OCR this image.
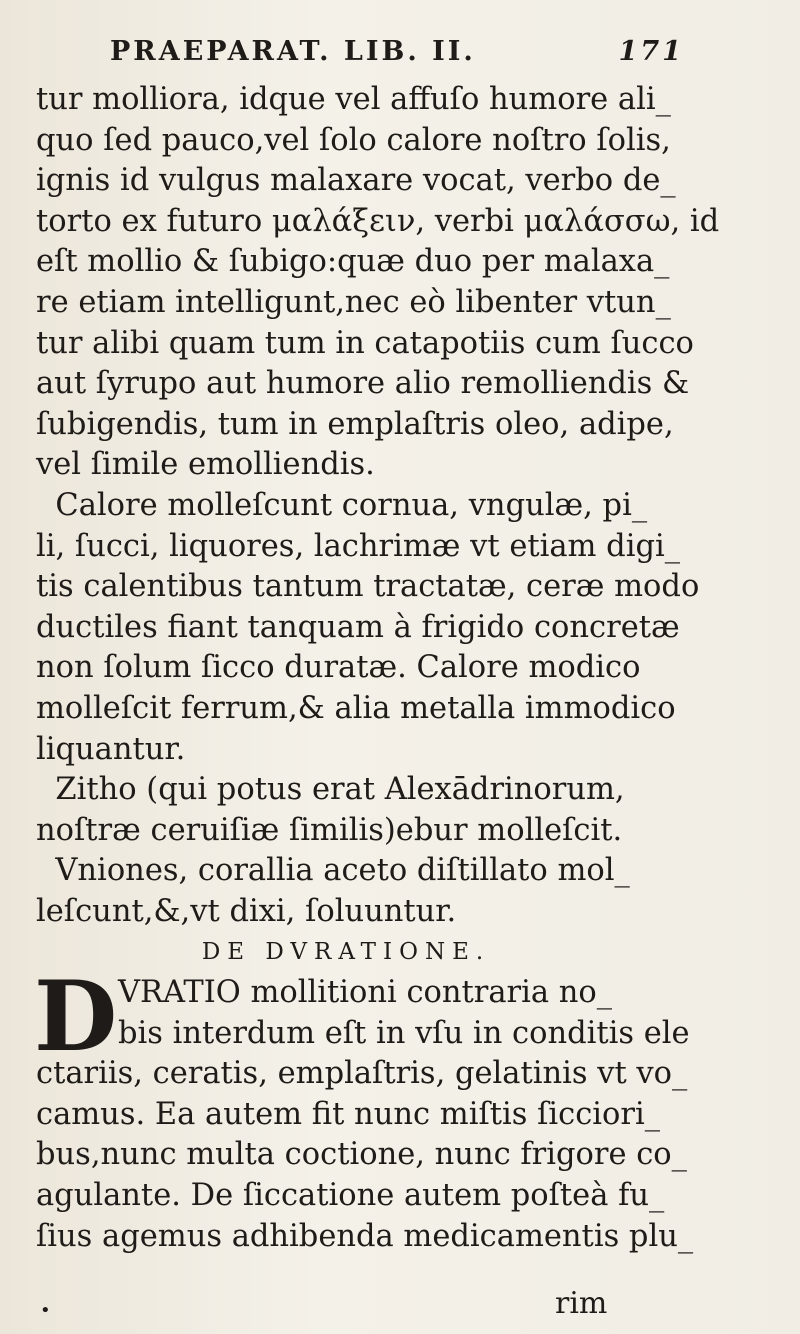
PRAEPARAT. LIB. II.	171
tur molliora, idque vel affuſo humore ali_
quo ſed pauco,vel ſolo calore noſtro ſolis,
ignis id vulgus malaxare vocat, verbo de_
torto ex futuro μαλάξειν, verbi μαλάσσω, id
eſt mollio & ſubigo:quæ duo per malaxa_
re etiam intelligunt,nec eò libenter vtun_
tur alibi quam tum in catapotiis cum ſucco
aut ſyrupo aut humore alio remolliendis &
ſubigendis, tum in emplaſtris oleo, adipe,
vel ſimile emolliendis.
Calore molleſcunt cornua, vngulæ, pi_
li, ſucci, liquores, lachrimæ vt etiam digi_
tis calentibus tantum tractatæ, ceræ modo
ductiles fiant tanquam à frigido concretæ
non ſolum ſicco duratæ. Calore modico
molleſcit ferrum,& alia metalla immodico
liquantur.
Zitho (qui potus erat Alexādrinorum,
noſtræ ceruiſiæ ſimilis)ebur molleſcit.
Vniones, corallia aceto diſtillato mol_
leſcunt,&,vt dixi, ſoluuntur.
DE DVRATIONE.
D VRATIO mollitioni contraria no_
bis interdum eſt in vſu in conditis ele
ctariis, ceratis, emplaſtris, gelatinis vt vo_
camus. Ea autem fit nunc miſtis ſicciori_
bus,nunc multa coctione, nunc frigore co_
agulante. De ſiccatione autem poſteà fu_
ſius agemus adhibenda medicamentis plu_
•	rim
